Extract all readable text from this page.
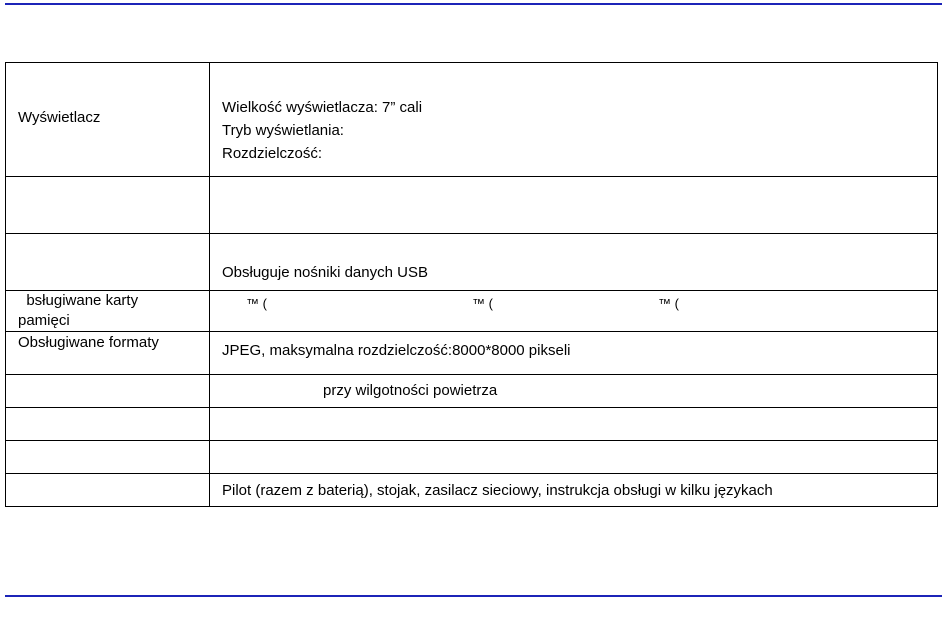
Wyświetlacz	Wielkość wyświetlacza: 7” cali
Tryb wyświetlania:
Rozdzielczość:

	Obsługuje nośniki danych USB

bsługiwane karty pamięci	™ ( ™ ( ™ (

Obsługiwane formaty	JPEG, maksymalna rozdzielczość:8000*8000 pikseli

	przy wilgotności powietrza

	Pilot (razem z baterią), stojak, zasilacz sieciowy, instrukcja obsługi w kilku językach
